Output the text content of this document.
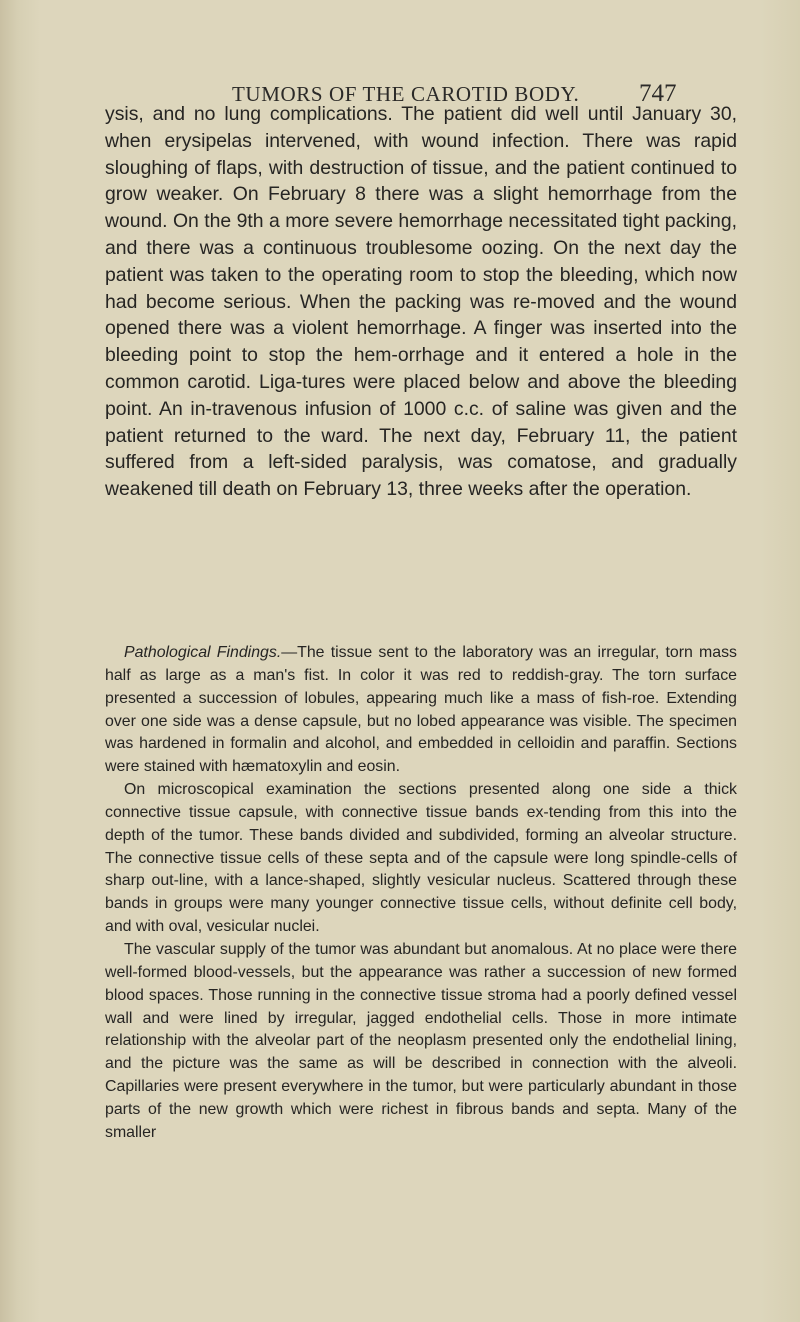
TUMORS OF THE CAROTID BODY. 747

ysis, and no lung complications. The patient did well until January 30, when erysipelas intervened, with wound infection. There was rapid sloughing of flaps, with destruction of tissue, and the patient continued to grow weaker. On February 8 there was a slight hemorrhage from the wound. On the 9th a more severe hemorrhage necessitated tight packing, and there was a continuous troublesome oozing. On the next day the patient was taken to the operating room to stop the bleeding, which now had become serious. When the packing was re-moved and the wound opened there was a violent hemorrhage. A finger was inserted into the bleeding point to stop the hem-orrhage and it entered a hole in the common carotid. Liga-tures were placed below and above the bleeding point. An in-travenous infusion of 1000 c.c. of saline was given and the patient returned to the ward. The next day, February 11, the patient suffered from a left-sided paralysis, was comatose, and gradually weakened till death on February 13, three weeks after the operation.

Pathological Findings.—The tissue sent to the laboratory was an irregular, torn mass half as large as a man's fist. In color it was red to reddish-gray. The torn surface presented a succession of lobules, appearing much like a mass of fish-roe. Extending over one side was a dense capsule, but no lobed appearance was visible. The specimen was hardened in formalin and alcohol, and embedded in celloidin and paraffin. Sections were stained with hæmatoxylin and eosin.

On microscopical examination the sections presented along one side a thick connective tissue capsule, with connective tissue bands ex-tending from this into the depth of the tumor. These bands divided and subdivided, forming an alveolar structure. The connective tissue cells of these septa and of the capsule were long spindle-cells of sharp out-line, with a lance-shaped, slightly vesicular nucleus. Scattered through these bands in groups were many younger connective tissue cells, without definite cell body, and with oval, vesicular nuclei.

The vascular supply of the tumor was abundant but anomalous. At no place were there well-formed blood-vessels, but the appearance was rather a succession of new formed blood spaces. Those running in the connective tissue stroma had a poorly defined vessel wall and were lined by irregular, jagged endothelial cells. Those in more intimate relationship with the alveolar part of the neoplasm presented only the endothelial lining, and the picture was the same as will be described in connection with the alveoli. Capillaries were present everywhere in the tumor, but were particularly abundant in those parts of the new growth which were richest in fibrous bands and septa. Many of the smaller
